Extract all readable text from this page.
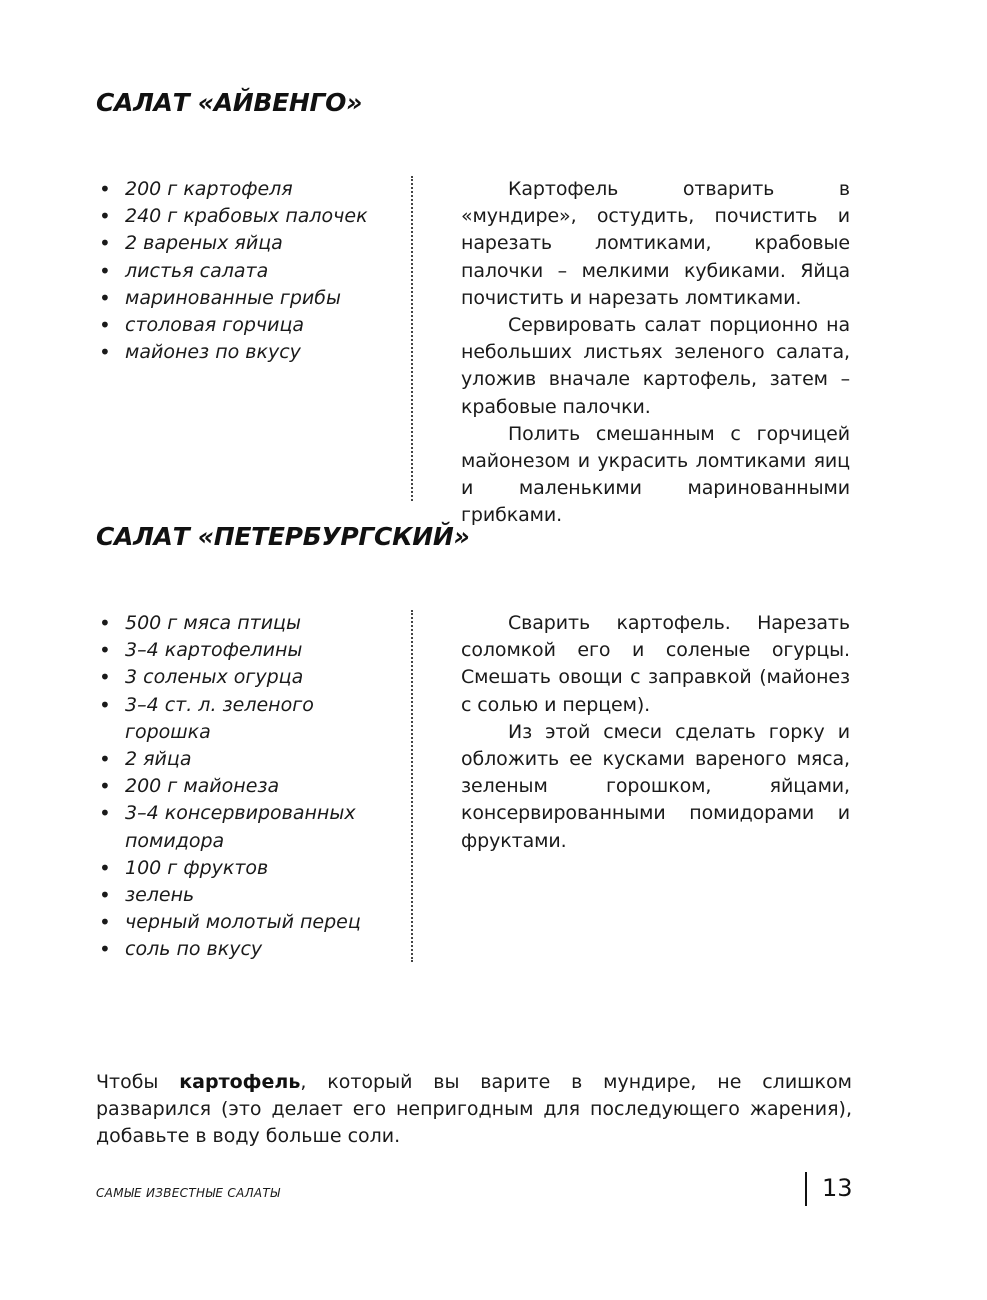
САЛАТ «АЙВЕНГО»
• 200 г картофеля
• 240 г крабовых палочек
• 2 вареных яйца
• листья салата
• маринованные грибы
• столовая горчица
• майонез по вкусу

Картофель отварить в «мундире», остудить, почистить и нарезать ломтиками, крабовые палочки – мелкими кубиками. Яйца почистить и нарезать ломтиками.

Сервировать салат порционно на небольших листьях зеленого салата, уложив вначале картофель, затем – крабовые палочки.

Полить смешанным с горчицей майонезом и украсить ломтиками яиц и маленькими маринованными грибками.

САЛАТ «ПЕТЕРБУРГСКИЙ»
• 500 г мяса птицы
• 3–4 картофелины
• 3 соленых огурца
• 3–4 ст. л. зеленого горошка
• 2 яйца
• 200 г майонеза
• 3–4 консервированных помидора
• 100 г фруктов
• зелень
• черный молотый перец
• соль по вкусу

Сварить картофель. Нарезать соломкой его и соленые огурцы. Смешать овощи с заправкой (майонез с солью и перцем).

Из этой смеси сделать горку и обложить ее кусками вареного мяса, зеленым горошком, яйцами, консервированными помидорами и фруктами.

Чтобы картофель, который вы варите в мундире, не слишком разварился (это делает его непригодным для последующего жарения), добавьте в воду больше соли.

САМЫЕ ИЗВЕСТНЫЕ САЛАТЫ	13
